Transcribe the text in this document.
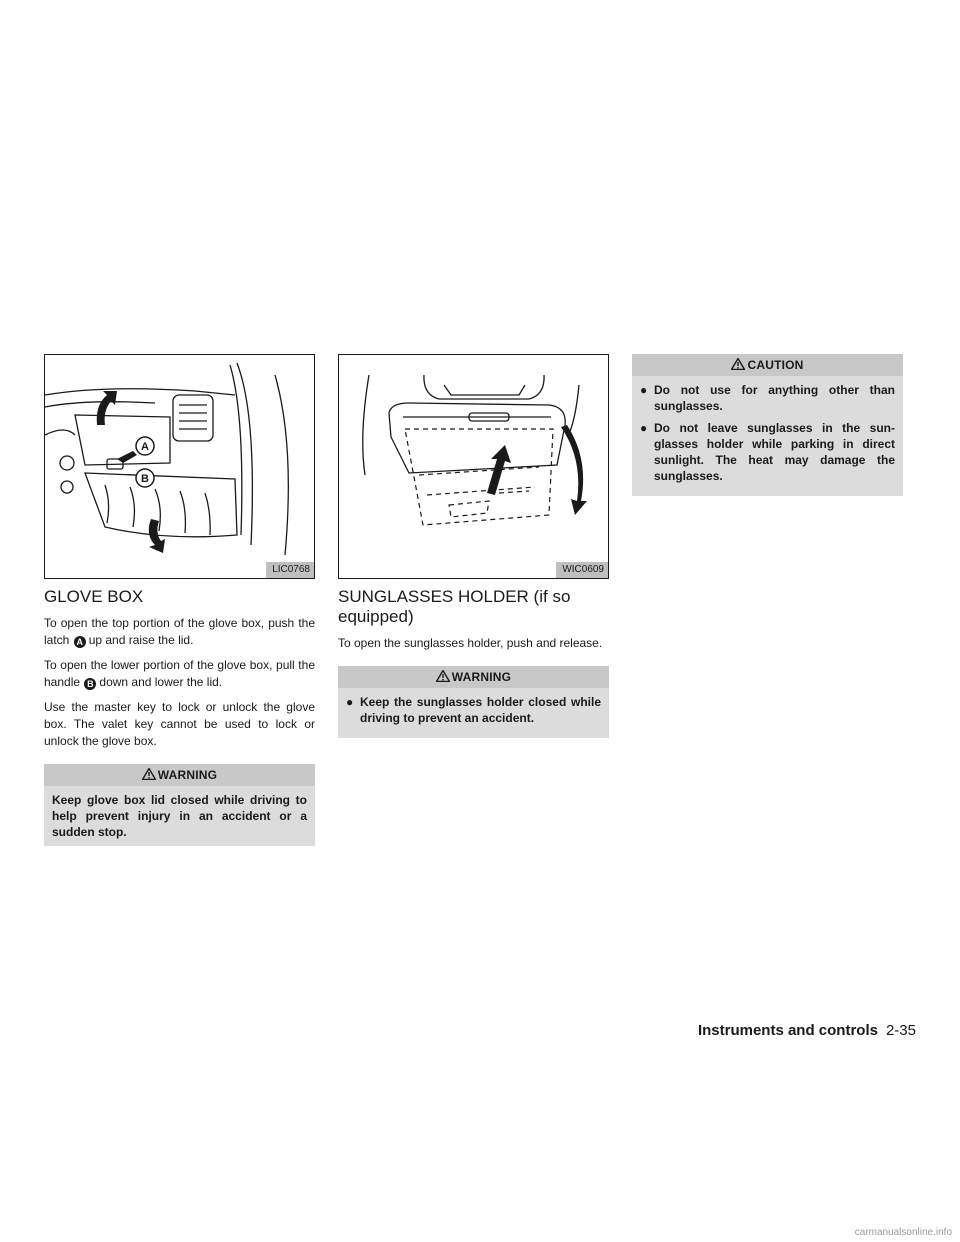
A
B
LIC0768
GLOVE BOX

To open the top portion of the glove box, push the latch A up and raise the lid.

To open the lower portion of the glove box, pull the handle B down and lower the lid.

Use the master key to lock or unlock the glove box. The valet key cannot be used to lock or unlock the glove box.

WARNING
Keep glove box lid closed while driving to help prevent injury in an accident or a sudden stop.
WIC0609
SUNGLASSES HOLDER (if so equipped)

To open the sunglasses holder, push and release.

WARNING
● Keep the sunglasses holder closed while driving to prevent an accident.
CAUTION
● Do not use for anything other than sunglasses.
● Do not leave sunglasses in the sun-glasses holder while parking in direct sunlight. The heat may damage the sunglasses.
Instruments and controls 2-35
carmanualsonline.info
